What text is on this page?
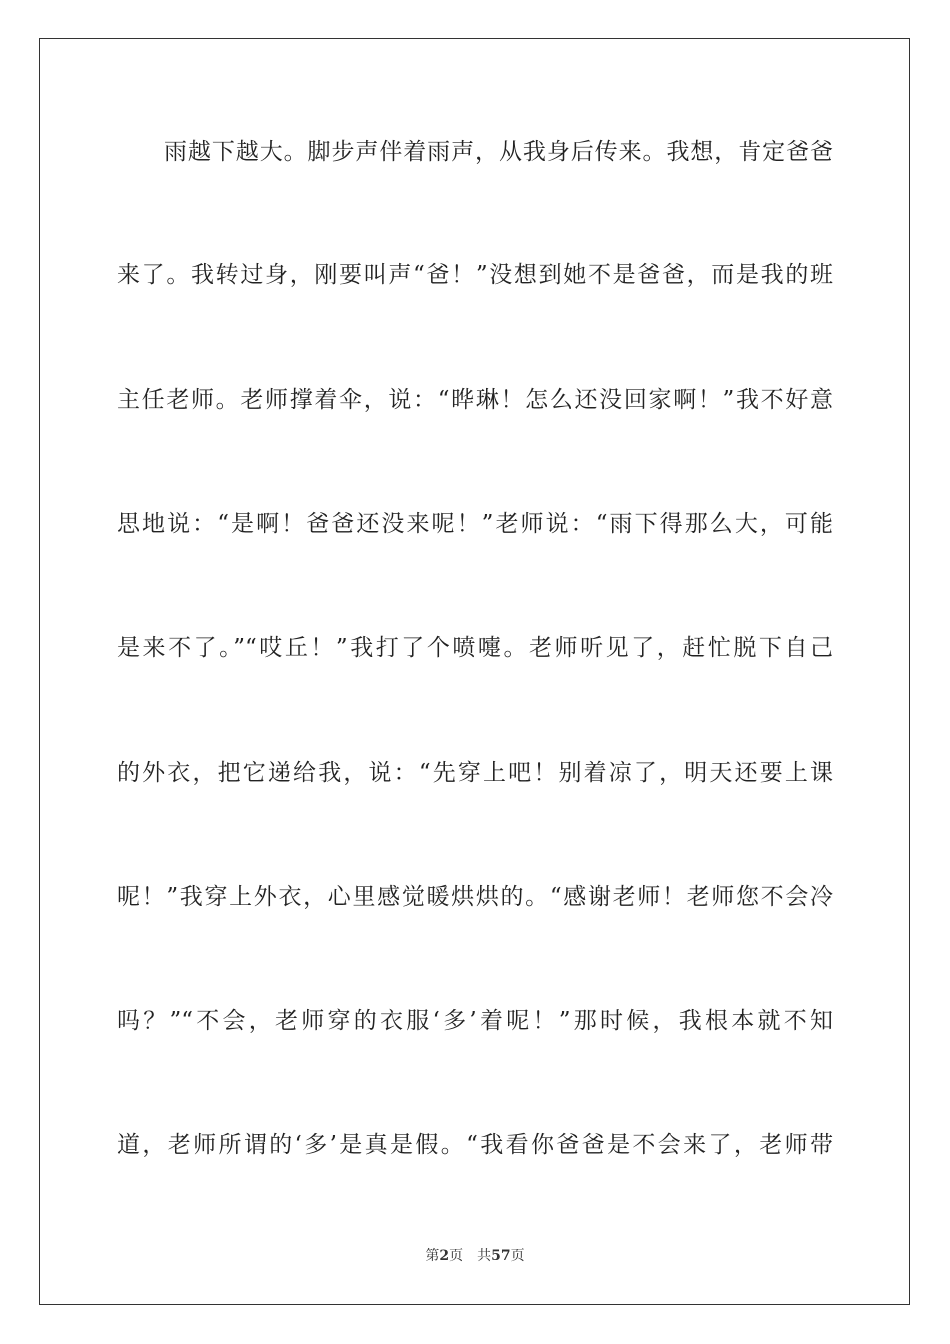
雨越下越大。脚步声伴着雨声，从我身后传来。我想，肯定爸爸
来了。我转过身，刚要叫声“爸！”没想到她不是爸爸，而是我的班
主任老师。老师撑着伞，说：“晔琳！怎么还没回家啊！”我不好意
思地说：“是啊！爸爸还没来呢！”老师说：“雨下得那么大，可能
是来不了。”“哎丘！”我打了个喷嚏。老师听见了，赶忙脱下自己
的外衣，把它递给我，说：“先穿上吧！别着凉了，明天还要上课
呢！”我穿上外衣，心里感觉暖烘烘的。“感谢老师！老师您不会冷
吗？”“不会，老师穿的衣服‘多’着呢！”那时候，我根本就不知
道，老师所谓的‘多’是真是假。“我看你爸爸是不会来了，老师带
第2页 共57页
